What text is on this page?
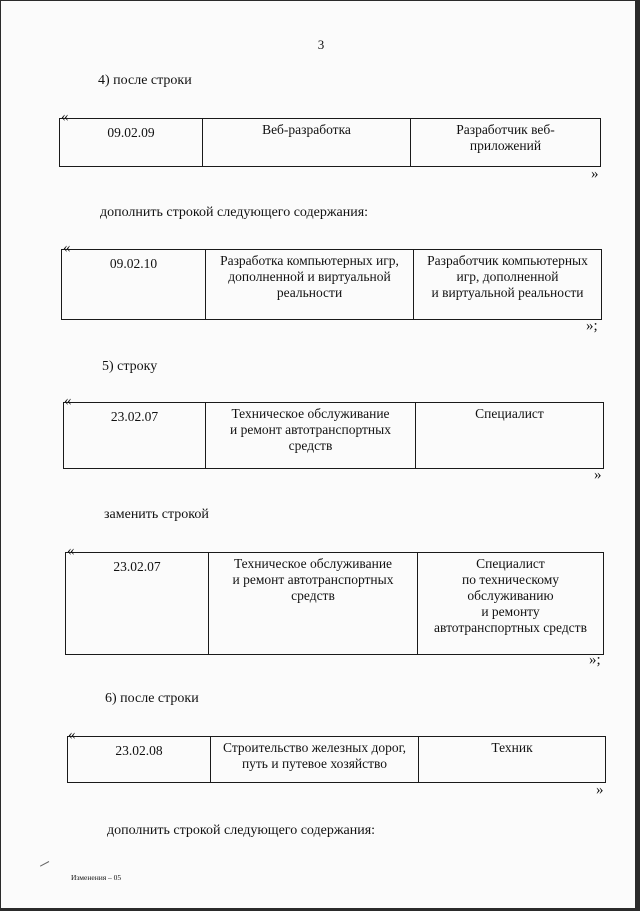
3
4) после строки
«
09.02.09	Веб-разработка	Разработчик веб-
приложений
»
дополнить строкой следующего содержания:
«
09.02.10	Разработка компьютерных игр,
дополненной и виртуальной
реальности	Разработчик компьютерных
игр, дополненной
и виртуальной реальности
»;
5) строку
«
23.02.07	Техническое обслуживание
и ремонт автотранспортных
средств	Специалист
»
заменить строкой
«
23.02.07	Техническое обслуживание
и ремонт автотранспортных
средств	Специалист
по техническому
обслуживанию
и ремонту
автотранспортных средств
»;
6) после строки
«
23.02.08	Строительство железных дорог,
путь и путевое хозяйство	Техник
»
дополнить строкой следующего содержания:
Изменения – 05
